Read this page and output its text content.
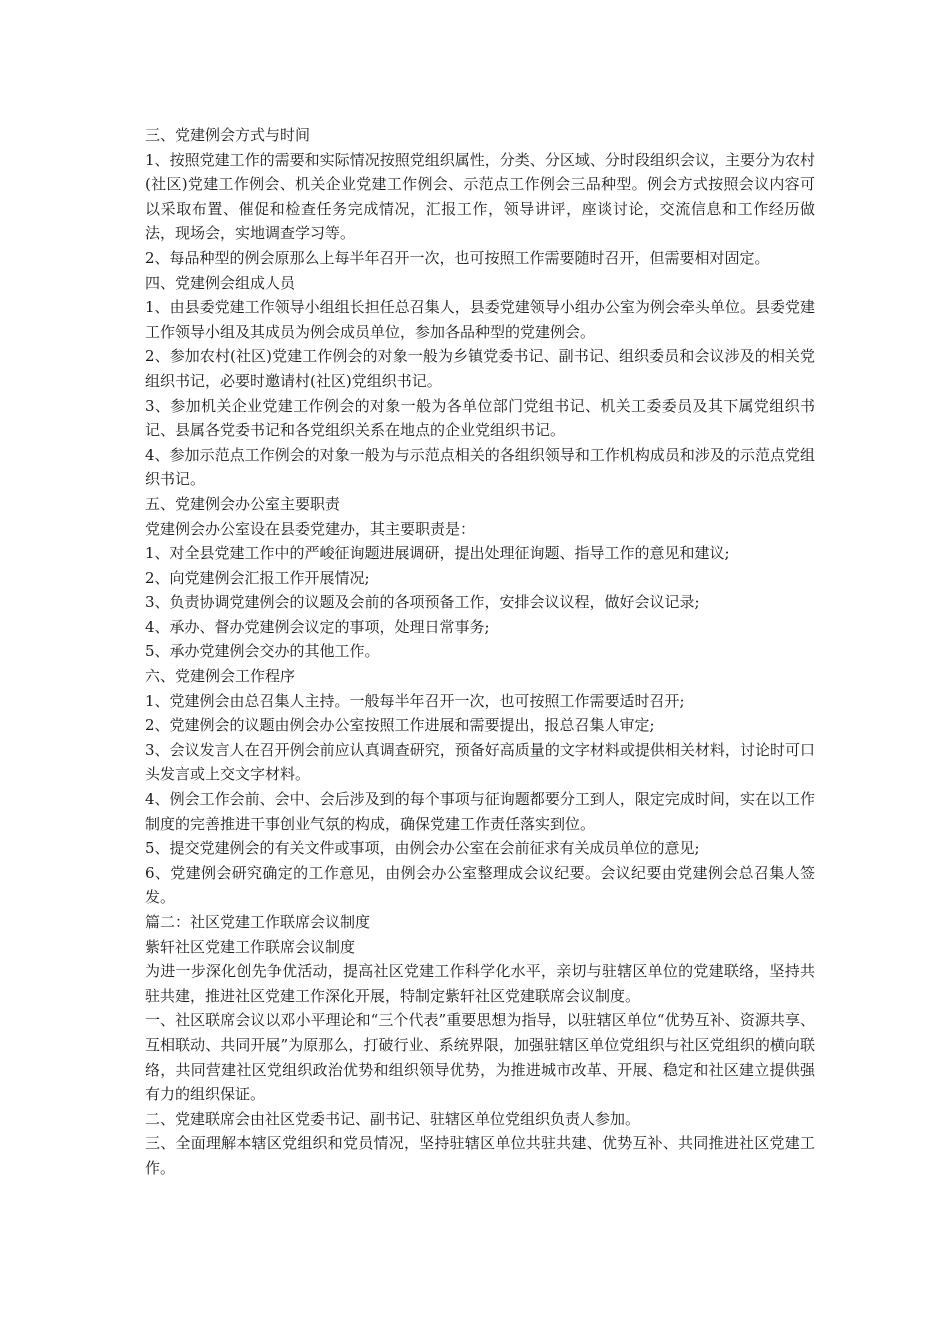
三、党建例会方式与时间

1、按照党建工作的需要和实际情况按照党组织属性，分类、分区域、分时段组织会议，主要分为农村(社区)党建工作例会、机关企业党建工作例会、示范点工作例会三品种型。例会方式按照会议内容可以采取布置、催促和检查任务完成情况，汇报工作，领导讲评，座谈讨论，交流信息和工作经历做法，现场会，实地调查学习等。

2、每品种型的例会原那么上每半年召开一次，也可按照工作需要随时召开，但需要相对固定。

四、党建例会组成人员

1、由县委党建工作领导小组组长担任总召集人，县委党建领导小组办公室为例会牵头单位。县委党建工作领导小组及其成员为例会成员单位，参加各品种型的党建例会。

2、参加农村(社区)党建工作例会的对象一般为乡镇党委书记、副书记、组织委员和会议涉及的相关党组织书记，必要时邀请村(社区)党组织书记。

3、参加机关企业党建工作例会的对象一般为各单位部门党组书记、机关工委委员及其下属党组织书记、县属各党委书记和各党组织关系在地点的企业党组织书记。

4、参加示范点工作例会的对象一般为与示范点相关的各组织领导和工作机构成员和涉及的示范点党组织书记。

五、党建例会办公室主要职责

党建例会办公室设在县委党建办，其主要职责是：

1、对全县党建工作中的严峻征询题进展调研，提出处理征询题、指导工作的意见和建议;

2、向党建例会汇报工作开展情况;

3、负责协调党建例会的议题及会前的各项预备工作，安排会议议程，做好会议记录;

4、承办、督办党建例会议定的事项，处理日常事务;

5、承办党建例会交办的其他工作。

六、党建例会工作程序

1、党建例会由总召集人主持。一般每半年召开一次，也可按照工作需要适时召开;

2、党建例会的议题由例会办公室按照工作进展和需要提出，报总召集人审定;

3、会议发言人在召开例会前应认真调查研究，预备好高质量的文字材料或提供相关材料，讨论时可口头发言或上交文字材料。

4、例会工作会前、会中、会后涉及到的每个事项与征询题都要分工到人，限定完成时间，实在以工作制度的完善推进干事创业气氛的构成，确保党建工作责任落实到位。

5、提交党建例会的有关文件或事项，由例会办公室在会前征求有关成员单位的意见;

6、党建例会研究确定的工作意见，由例会办公室整理成会议纪要。会议纪要由党建例会总召集人签发。

篇二：社区党建工作联席会议制度

紫轩社区党建工作联席会议制度

为进一步深化创先争优活动，提高社区党建工作科学化水平，亲切与驻辖区单位的党建联络，坚持共驻共建，推进社区党建工作深化开展，特制定紫轩社区党建联席会议制度。

一、社区联席会议以邓小平理论和“三个代表”重要思想为指导，以驻辖区单位“优势互补、资源共享、互相联动、共同开展”为原那么，打破行业、系统界限，加强驻辖区单位党组织与社区党组织的横向联络，共同营建社区党组织政治优势和组织领导优势，为推进城市改革、开展、稳定和社区建立提供强有力的组织保证。

二、党建联席会由社区党委书记、副书记、驻辖区单位党组织负责人参加。

三、全面理解本辖区党组织和党员情况，坚持驻辖区单位共驻共建、优势互补、共同推进社区党建工作。
